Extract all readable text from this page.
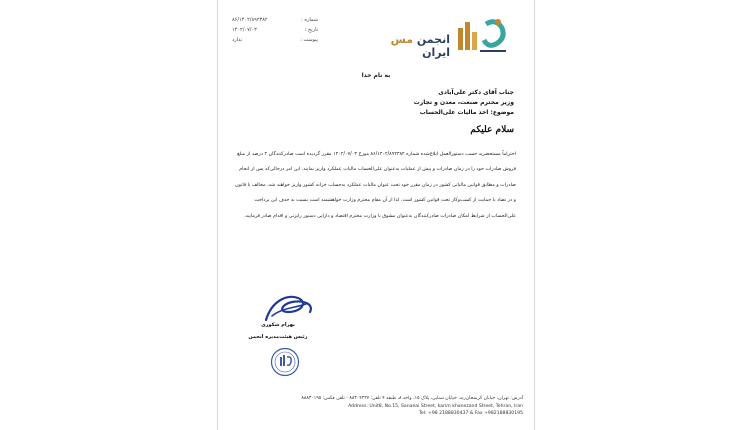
شماره :
۸۶/۱۴۰۲/۸۹۲۳۸۲
تاریخ :
۱۴۰۲/۰۷/۰۳
پیوست :
ندارد	انجمن مس ایران
به نام خدا
جناب آقای دکتر علی‌آبادی
وزیر محترم صنعت، معدن و تجارت
موضوع: اخذ مالیات علی‌الحساب
سلام علیکم
احتراماً مستحضرید حسب دستورالعمل ابلاغ‌شده شماره ۸۶/۱۴۰۲/۸۹۲۳۸۲ مورخ ۱۴۰۲/۰۷/۰۳ مقرر گردیده است صادرکنندگان ۲ درصد از مبلغ فروش صادرات خود را در زمان صادرات و پیش از عملیات به‌عنوان علی‌الحساب مالیات عملکرد واریز نمایند. این امر درحالی‌که پس از انجام صادرات و مطابق قوانین مالیاتی کشور در زمان مقرر خود تحت عنوان مالیات عملکرد به‌حساب خزانه کشور واریز خواهند شد، مخالف با قانون و در تضاد با حمایت از کسب‌وکار تحت قوانین کشور است. لذا از آن مقام محترم وزارت خواهشمند است نسبت به حذف این پرداخت علی‌الحساب از شرایط امکان صادرات صادرکنندگان به‌عنوان مشوق با وزارت محترم اقتصاد و دارایی دستور رایزنی و اقدام صادر فرمایید.
بهرام شکوری
رئیس هیئت‌مدیره انجمن
آدرس: تهران، خیابان کریمخان‌زند، خیابان سنایی، پلاک ۱۵، واحد ۸، طبقه ۴ تلفن: ۸۸۳۰۴۲۳۷ - تلفن فکس: ۸۸۸۳۰۱۹۵
Address: Unit8, No.15, Sanaeai Street, karim khanezand Street, Tehran, Iran
Tel: +98 2188830437 & Fax +982188830195
